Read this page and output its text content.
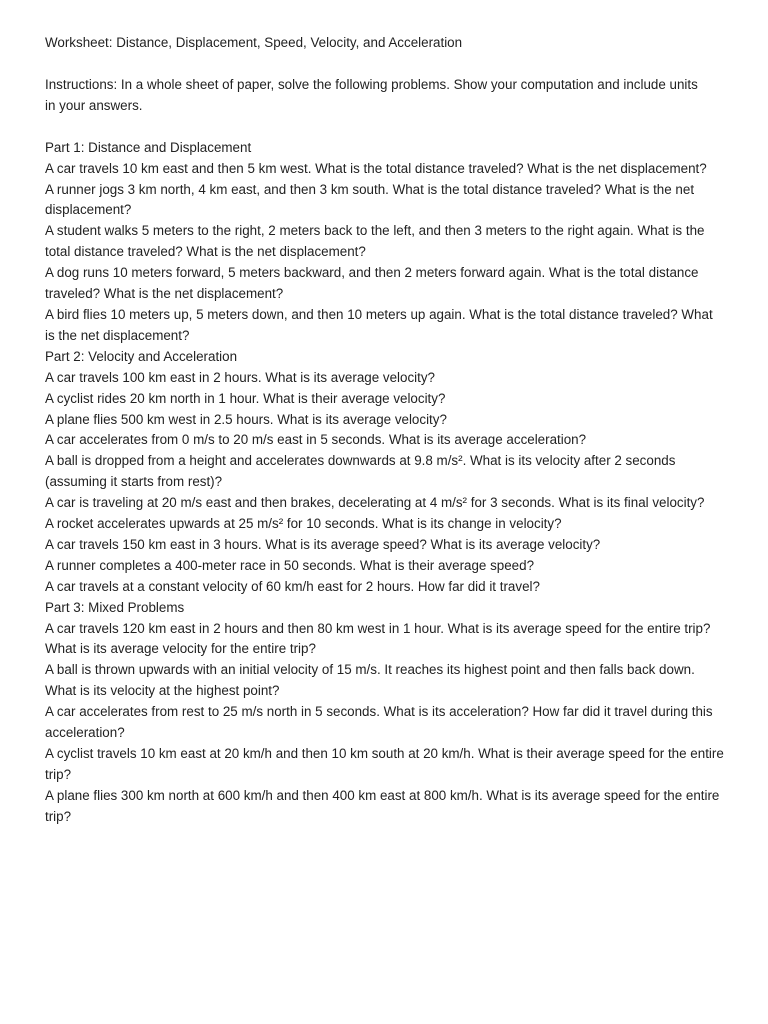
Worksheet: Distance, Displacement, Speed, Velocity, and Acceleration
Instructions: In a whole sheet of paper, solve the following problems. Show your computation and include units in your answers.
Part 1: Distance and Displacement
A car travels 10 km east and then 5 km west. What is the total distance traveled? What is the net displacement?
A runner jogs 3 km north, 4 km east, and then 3 km south. What is the total distance traveled? What is the net displacement?
A student walks 5 meters to the right, 2 meters back to the left, and then 3 meters to the right again. What is the total distance traveled? What is the net displacement?
A dog runs 10 meters forward, 5 meters backward, and then 2 meters forward again. What is the total distance traveled? What is the net displacement?
A bird flies 10 meters up, 5 meters down, and then 10 meters up again. What is the total distance traveled? What is the net displacement?
Part 2: Velocity and Acceleration
A car travels 100 km east in 2 hours. What is its average velocity?
A cyclist rides 20 km north in 1 hour. What is their average velocity?
A plane flies 500 km west in 2.5 hours. What is its average velocity?
A car accelerates from 0 m/s to 20 m/s east in 5 seconds. What is its average acceleration?
A ball is dropped from a height and accelerates downwards at 9.8 m/s². What is its velocity after 2 seconds (assuming it starts from rest)?
A car is traveling at 20 m/s east and then brakes, decelerating at 4 m/s² for 3 seconds. What is its final velocity?
A rocket accelerates upwards at 25 m/s² for 10 seconds. What is its change in velocity?
A car travels 150 km east in 3 hours. What is its average speed? What is its average velocity?
A runner completes a 400-meter race in 50 seconds. What is their average speed?
A car travels at a constant velocity of 60 km/h east for 2 hours. How far did it travel?
Part 3: Mixed Problems
A car travels 120 km east in 2 hours and then 80 km west in 1 hour. What is its average speed for the entire trip? What is its average velocity for the entire trip?
A ball is thrown upwards with an initial velocity of 15 m/s. It reaches its highest point and then falls back down. What is its velocity at the highest point?
A car accelerates from rest to 25 m/s north in 5 seconds. What is its acceleration? How far did it travel during this acceleration?
A cyclist travels 10 km east at 20 km/h and then 10 km south at 20 km/h. What is their average speed for the entire trip?
A plane flies 300 km north at 600 km/h and then 400 km east at 800 km/h. What is its average speed for the entire trip?
